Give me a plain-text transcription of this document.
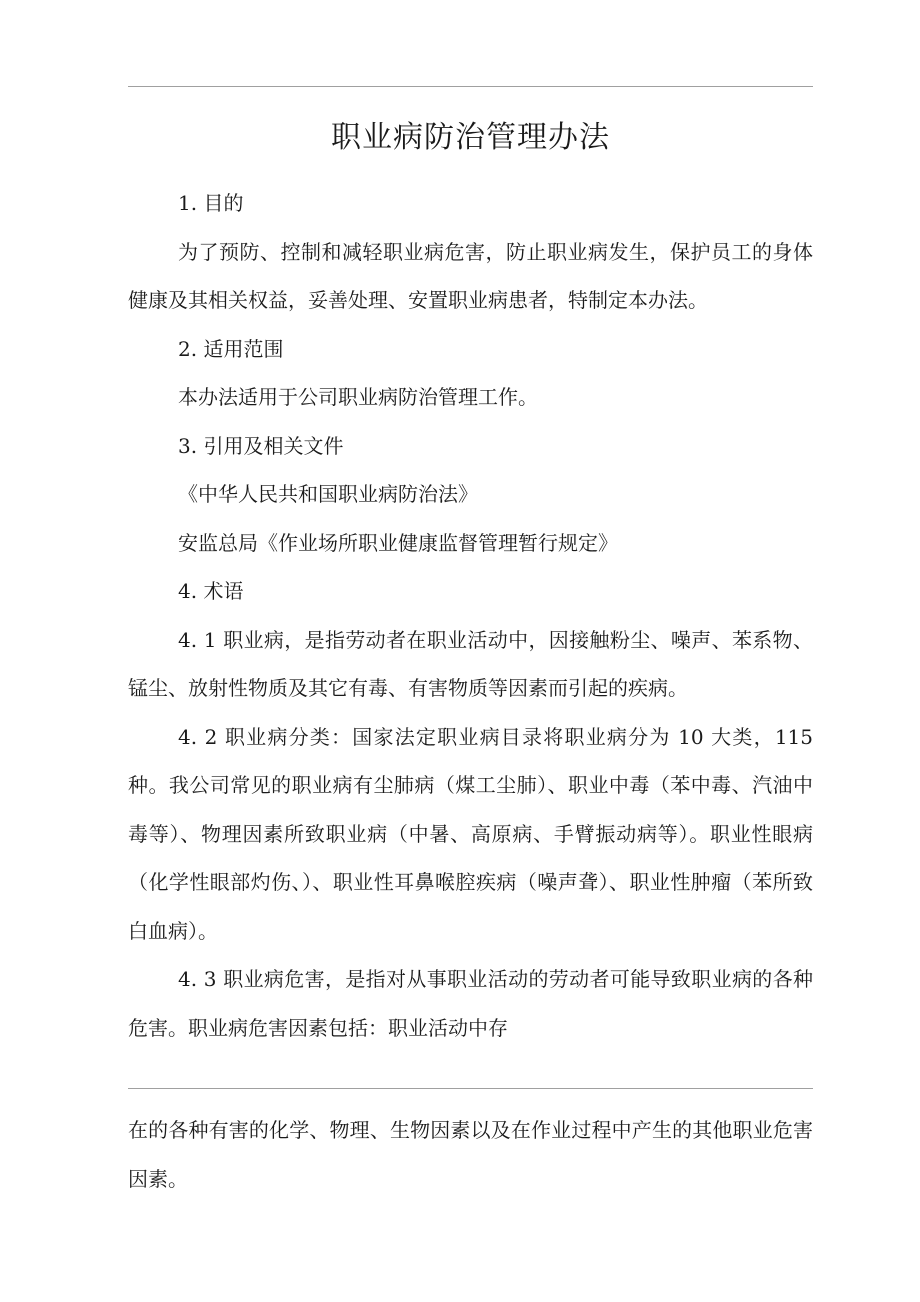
职业病防治管理办法

1. 目的

为了预防、控制和减轻职业病危害，防止职业病发生，保护员工的身体健康及其相关权益，妥善处理、安置职业病患者，特制定本办法。

2. 适用范围

本办法适用于公司职业病防治管理工作。

3. 引用及相关文件

《中华人民共和国职业病防治法》

安监总局《作业场所职业健康监督管理暂行规定》

4. 术语

4. 1 职业病，是指劳动者在职业活动中，因接触粉尘、噪声、苯系物、锰尘、放射性物质及其它有毒、有害物质等因素而引起的疾病。

4. 2 职业病分类：国家法定职业病目录将职业病分为 10 大类，115 种。我公司常见的职业病有尘肺病（煤工尘肺）、职业中毒（苯中毒、汽油中毒等）、物理因素所致职业病（中暑、高原病、手臂振动病等）。职业性眼病（化学性眼部灼伤、）、职业性耳鼻喉腔疾病（噪声聋）、职业性肿瘤（苯所致白血病）。

4. 3 职业病危害，是指对从事职业活动的劳动者可能导致职业病的各种危害。职业病危害因素包括：职业活动中存

在的各种有害的化学、物理、生物因素以及在作业过程中产生的其他职业危害因素。
